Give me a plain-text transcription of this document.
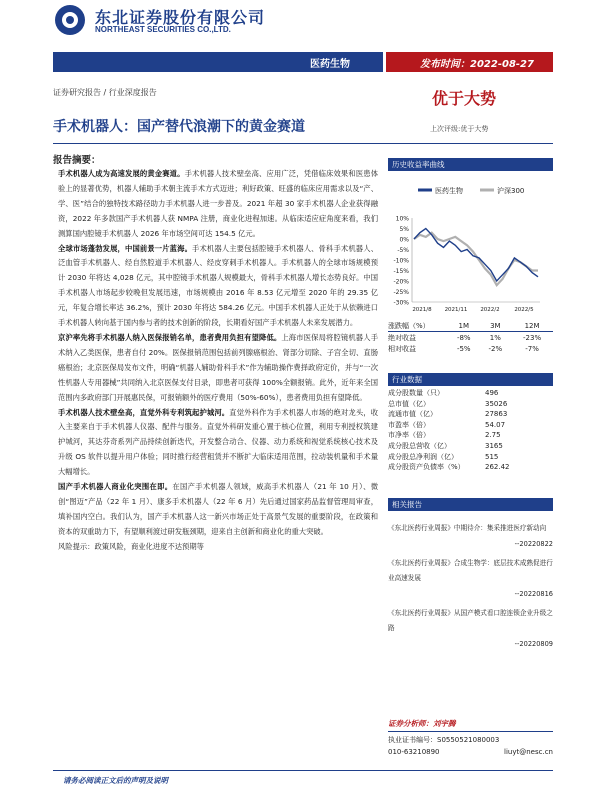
东北证券股份有限公司
NORTHEAST SECURITIES CO.,LTD.
医药生物	发布时间：2022-08-27
证券研究报告 / 行业深度报告	优于大势
手术机器人：国产替代浪潮下的黄金赛道	上次评级:优于大势
报告摘要：

手术机器人成为高速发展的黄金赛道。手术机器人技术壁垒高、应用广泛，凭借临床效果和医患体验上的显著优势，机器人辅助手术朝主流手术方式迈进；利好政策、旺盛的临床应用需求以及“产、学、医”结合的独特技术路径助力手术机器人进一步普及。2021 年超 30 家手术机器人企业获得融资，2022 年多款国产手术机器人获 NMPA 注册，商业化进程加速。从临床适应症角度来看，我们测算国内腔镜手术机器人 2026 年市场空间可达 154.5 亿元。

全球市场蓬勃发展，中国前景一片蓝海。手术机器人主要包括腔镜手术机器人、骨科手术机器人、泛血管手术机器人、经自然腔道手术机器人、经皮穿刺手术机器人。手术机器人的全球市场规模预计 2030 年将达 4,028 亿元，其中腔镜手术机器人规模最大，骨科手术机器人增长态势良好。中国手术机器人市场起步较晚但发展迅速，市场规模由 2016 年 8.53 亿元增至 2020 年的 29.35 亿元，年复合增长率达 36.2%，预计 2030 年将达 584.26 亿元。中国手术机器人正处于从依赖进口手术机器人转向基于国内参与者的技术创新的阶段，长期看好国产手术机器人未来发展潜力。

京沪率先将手术机器人纳入医保报销名单，患者费用负担有望降低。上海市医保局将腔镜机器人手术纳入乙类医保，患者自付 20%。医保报销范围包括前列腺癌根治、肾部分切除、子宫全切、直肠癌根治；北京医保局发布文件，明确“机器人辅助骨科手术”作为辅助操作费择政府定价，并与“一次性机器人专用器械”共同纳入北京医保支付目录，即患者可获得 100%全额报销。此外，近年来全国范围内多政府部门开展惠民保，可报销额外的医疗费用（50%-60%），患者费用负担有望降低。

手术机器人技术壁垒高，直觉外科专利筑起护城河。直觉外科作为手术机器人市场的绝对龙头，收入主要来自于手术机器人仪器、配件与服务。直觉外科研发重心置于核心位置，利用专利授权筑建护城河，其达芬奇系列产品持续创新迭代，开发整合动合、仪器、动力系统和视觉系统核心技术及升级 OS 软件以提升用户体验；同时推行经营租赁并不断扩大临床适用范围，拉动装机量和手术量大幅增长。

国产手术机器人商业化突围在即。在国产手术机器人领域，威高手术机器人（21 年 10 月）、微创“图迈”产品（22 年 1 月）、康多手术机器人（22 年 6 月）先后通过国家药品监督管理局审查，填补国内空白。我们认为，国产手术机器人这一新兴市场正处于高景气发展的重要阶段，在政策和资本的双重助力下，有望顺利渡过研发瓶颈期，迎来自主创新和商业化的重大突破。

风险提示：政策风险，商业化进度不达预期等

历史收益率曲线
医药生物	沪深300
10%
5%
0%
-5%
-10%
-15%
-20%
-25%
-30%
2021/8 2021/11 2022/2	2022/5
涨跌幅（%）	1M	3M	12M
绝对收益	-8%	1%	-23%
相对收益	-5%	-2%	-7%
行业数据
成分股数量（只）	496
总市值（亿）	35026
流通市值（亿）	27863
市盈率（倍）	54.07
市净率（倍）	2.75
成分股总营收（亿）	3165
成分股总净利润（亿）	515
成分股资产负债率（%）	262.42
相关报告
《东北医药行业周报》中期待介：集采推进医疗新动向
--20220822
《东北医药行业周报》合成生物学：底层技术成熟促进行业高速发展
--20220816
《东北医药行业周报》从国产模式看口腔连锁企业升级之路
--20220809
证券分析师：刘宇腾
执业证书编号：S0550521080003
010-63210890	liuyt@nesc.cn
请务必阅读正文后的声明及说明
